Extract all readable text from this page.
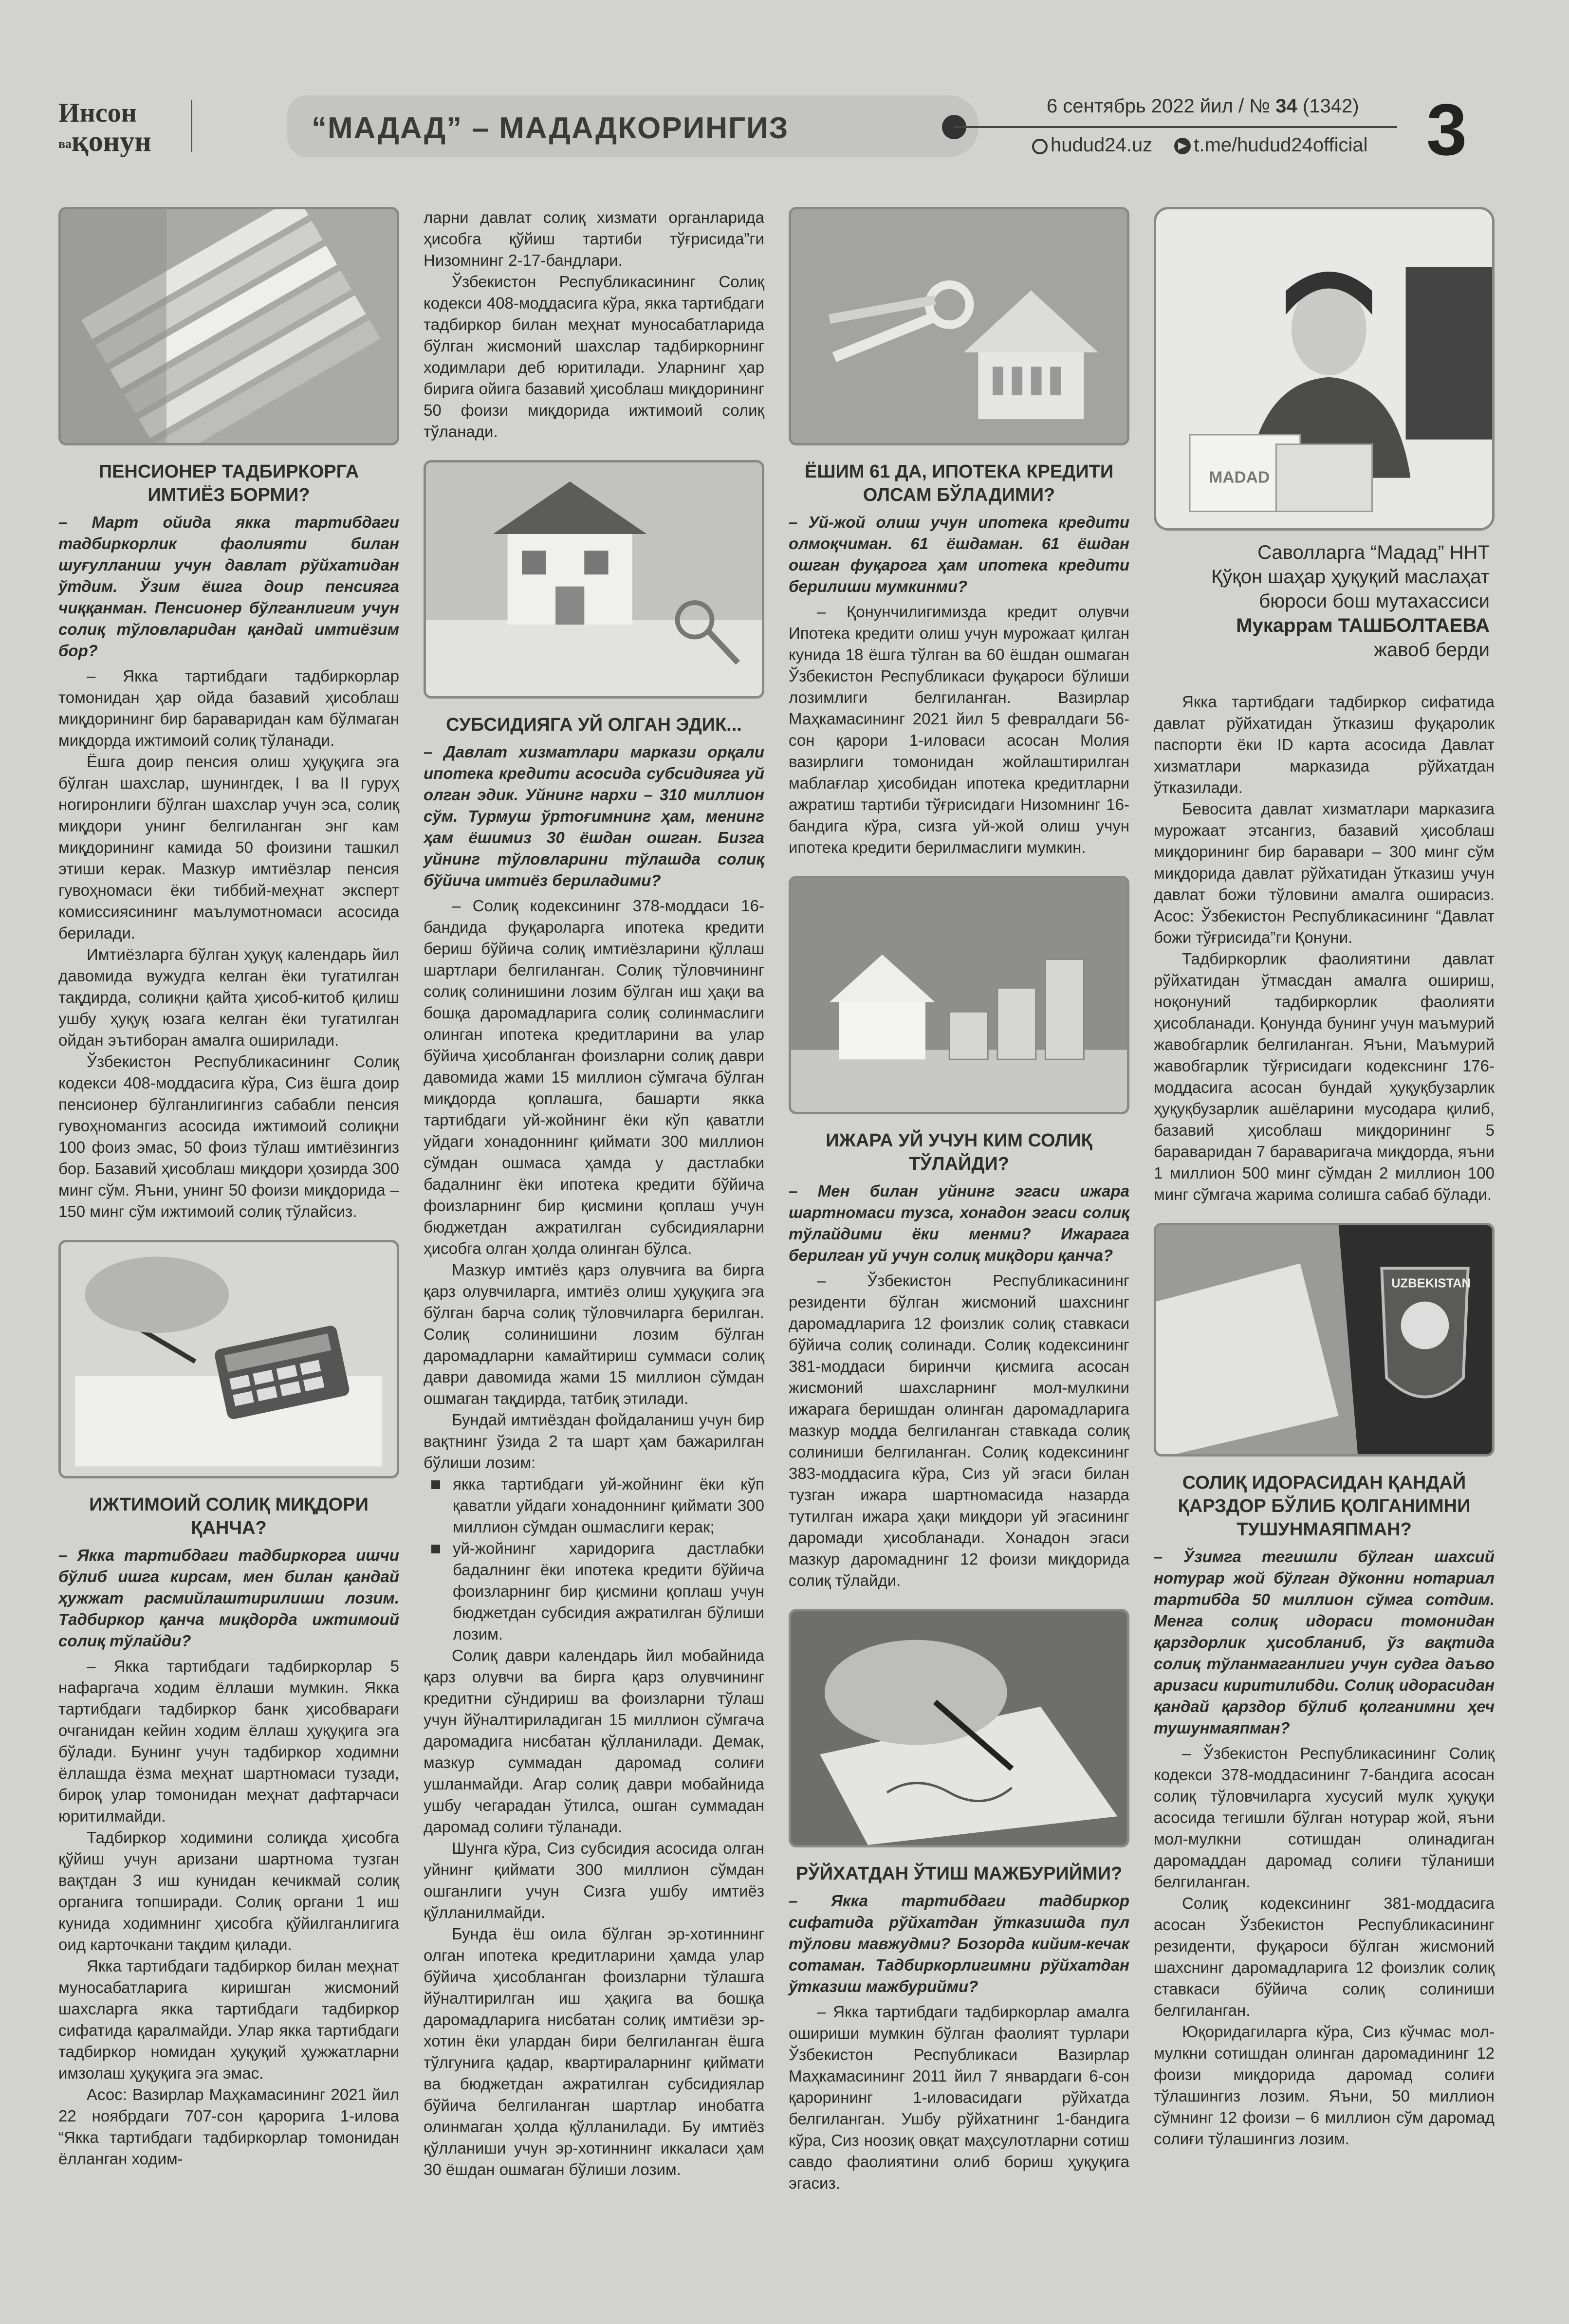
Инсон
вақонун	“МАДАД” – МАДАДКОРИНГИЗ
6 сентябрь 2022 йил / № 34 (1342)
hudud24.uz t.me/hudud24official 3
ПЕНСИОНЕР ТАДБИРКОРГА ИМТИЁЗ БОРМИ?

– Март ойида якка тартибдаги тадбиркорлик фаолияти билан шуғулланиш учун давлат рўйхатидан ўтдим. Ўзим ёшга доир пенсияга чиққанман. Пенсионер бўлганлигим учун солиқ тўловларидан қандай имтиёзим бор?

– Якка тартибдаги тадбиркорлар томонидан ҳар ойда базавий ҳисоблаш миқдорининг бир бараваридан кам бўлмаган миқдорда ижтимоий солиқ тўланади.

Ёшга доир пенсия олиш ҳуқуқига эга бўлган шахслар, шунингдек, I ва II гуруҳ ногиронлиги бўлган шахслар учун эса, солиқ миқдори унинг белгиланган энг кам миқдорининг камида 50 фоизини ташкил этиши керак. Мазкур имтиёзлар пенсия гувоҳномаси ёки тиббий-меҳнат эксперт комиссиясининг маълумотномаси асосида берилади.

Имтиёзларга бўлган ҳуқуқ календарь йил давомида вужудга келган ёки тугатилган тақдирда, солиқни қайта ҳисоб-китоб қилиш ушбу ҳуқуқ юзага келган ёки тугатилган ойдан эътиборан амалга оширилади.

Ўзбекистон Республикасининг Солиқ кодекси 408-моддасига кўра, Сиз ёшга доир пенсионер бўлганлигингиз сабабли пенсия гувоҳномангиз асосида ижтимоий солиқни 100 фоиз эмас, 50 фоиз тўлаш имтиёзингиз бор. Базавий ҳисоблаш миқдори ҳозирда 300 минг сўм. Яъни, унинг 50 фоизи миқдорида – 150 минг сўм ижтимоий солиқ тўлайсиз.

ИЖТИМОИЙ СОЛИҚ МИҚДОРИ ҚАНЧА?

– Якка тартибдаги тадбиркорга ишчи бўлиб ишга кирсам, мен билан қандай ҳужжат расмийлаштирилиши лозим. Тадбиркор қанча миқдорда ижтимоий солиқ тўлайди?

– Якка тартибдаги тадбиркорлар 5 нафаргача ходим ёллаши мумкин. Якка тартибдаги тадбиркор банк ҳисобварағи очганидан кейин ходим ёллаш ҳуқуқига эга бўлади. Бунинг учун тадбиркор ходимни ёллашда ёзма меҳнат шартномаси тузади, бироқ улар томонидан меҳнат дафтарчаси юритилмайди.

Тадбиркор ходимини солиқда ҳисобга қўйиш учун аризани шартнома тузган вақтдан 3 иш кунидан кечикмай солиқ органига топширади. Солиқ органи 1 иш кунида ходимнинг ҳисобга қўйилганлигига оид карточкани тақдим қилади.

Якка тартибдаги тадбиркор билан меҳнат муносабатларига киришган жисмоний шахсларга якка тартибдаги тадбиркор сифатида қаралмайди. Улар якка тартибдаги тадбиркор номидан ҳуқуқий ҳужжатларни имзолаш ҳуқуқига эга эмас.

Асос: Вазирлар Маҳкамасининг 2021 йил 22 ноябрдаги 707-сон қарорига 1-илова “Якка тартибдаги тадбиркорлар томонидан ёлланган ходим-

ларни давлат солиқ хизмати органларида ҳисобга қўйиш тартиби тўғрисида”ги Низомнинг 2-17-бандлари.

Ўзбекистон Республикасининг Солиқ кодекси 408-моддасига кўра, якка тартибдаги тадбиркор билан меҳнат муносабатларида бўлган жисмоний шахслар тадбиркорнинг ходимлари деб юритилади. Уларнинг ҳар бирига ойига базавий ҳисоблаш миқдорининг 50 фоизи миқдорида ижтимоий солиқ тўланади.

СУБСИДИЯГА УЙ ОЛГАН ЭДИК...

– Давлат хизматлари маркази орқали ипотека кредити асосида субсидияга уй олган эдик. Уйнинг нархи – 310 миллион сўм. Турмуш ўртоғимнинг ҳам, менинг ҳам ёшимиз 30 ёшдан ошган. Бизга уйнинг тўловларини тўлашда солиқ бўйича имтиёз бериладими?

– Солиқ кодексининг 378-моддаси 16-бандида фуқароларга ипотека кредити бериш бўйича солиқ имтиёзларини қўллаш шартлари белгиланган. Солиқ тўловчининг солиқ солинишини лозим бўлган иш ҳақи ва бошқа даромадларига солиқ солинмаслиги олинган ипотека кредитларини ва улар бўйича ҳисобланган фоизларни солиқ даври давомида жами 15 миллион сўмгача бўлган миқдорда қоплашга, башарти якка тартибдаги уй-жойнинг ёки кўп қаватли уйдаги хонадоннинг қиймати 300 миллион сўмдан ошмаса ҳамда у дастлабки бадалнинг ёки ипотека кредити бўйича фоизларнинг бир қисмини қоплаш учун бюджетдан ажратилган субсидияларни ҳисобга олган ҳолда олинган бўлса.

Мазкур имтиёз қарз олувчига ва бирга қарз олувчиларга, имтиёз олиш ҳуқуқига эга бўлган барча солиқ тўловчиларга берилган. Солиқ солинишини лозим бўлган даромадларни камайтириш суммаси солиқ даври давомида жами 15 миллион сўмдан ошмаган тақдирда, татбиқ этилади.

Бундай имтиёздан фойдаланиш учун бир вақтнинг ўзида 2 та шарт ҳам бажарилган бўлиши лозим:

якка тартибдаги уй-жойнинг ёки кўп қаватли уйдаги хонадоннинг қиймати 300 миллион сўмдан ошмаслиги керак;
уй-жойнинг харидорига дастлабки бадалнинг ёки ипотека кредити бўйича фоизларнинг бир қисмини қоплаш учун бюджетдан субсидия ажратилган бўлиши лозим.

Солиқ даври календарь йил мобайнида қарз олувчи ва бирга қарз олувчининг кредитни сўндириш ва фоизларни тўлаш учун йўналтириладиган 15 миллион сўмгача даромадига нисбатан қўлланилади. Демак, мазкур суммадан даромад солиғи ушланмайди. Агар солиқ даври мобайнида ушбу чегарадан ўтилса, ошган суммадан даромад солиғи тўланади.

Шунга кўра, Сиз субсидия асосида олган уйнинг қиймати 300 миллион сўмдан ошганлиги учун Сизга ушбу имтиёз қўлланилмайди.

Бунда ёш оила бўлган эр-хотиннинг олган ипотека кредитларини ҳамда улар бўйича ҳисобланган фоизларни тўлашга йўналтирилган иш ҳақига ва бошқа даромадларига нисбатан солиқ имтиёзи эр-хотин ёки улардан бири белгиланган ёшга тўлгунига қадар, квартираларнинг қиймати ва бюджетдан ажратилган субсидиялар бўйича белгиланган шартлар инобатга олинмаган ҳолда қўлланилади. Бу имтиёз қўлланиши учун эр-хотиннинг иккаласи ҳам 30 ёшдан ошмаган бўлиши лозим.

ЁШИМ 61 ДА, ИПОТЕКА КРЕДИТИ ОЛСАМ БЎЛАДИМИ?

– Уй-жой олиш учун ипотека кредити олмоқчиман. 61 ёшдаман. 61 ёшдан ошган фуқарога ҳам ипотека кредити берилиши мумкинми?

– Қонунчилигимизда кредит олувчи Ипотека кредити олиш учун мурожаат қилган кунида 18 ёшга тўлган ва 60 ёшдан ошмаган Ўзбекистон Республикаси фуқароси бўлиши лозимлиги белгиланган. Вазирлар Маҳкамасининг 2021 йил 5 февралдаги 56-сон қарори 1-иловаси асосан Молия вазирлиги томонидан жойлаштирилган маблағлар ҳисобидан ипотека кредитларни ажратиш тартиби тўғрисидаги Низомнинг 16-бандига кўра, сизга уй-жой олиш учун ипотека кредити берилмаслиги мумкин.

ИЖАРА УЙ УЧУН КИМ СОЛИҚ ТЎЛАЙДИ?

– Мен билан уйнинг эгаси ижара шартномаси тузса, хонадон эгаси солиқ тўлайдими ёки менми? Ижарага берилган уй учун солиқ миқдори қанча?

– Ўзбекистон Республикасининг резиденти бўлган жисмоний шахснинг даромадларига 12 фоизлик солиқ ставкаси бўйича солиқ солинади. Солиқ кодексининг 381-моддаси биринчи қисмига асосан жисмоний шахсларнинг мол-мулкини ижарага беришдан олинган даромадларига мазкур модда белгиланган ставкада солиқ солиниши белгиланган. Солиқ кодексининг 383-моддасига кўра, Сиз уй эгаси билан тузган ижара шартномасида назарда тутилган ижара ҳақи миқдори уй эгасининг даромади ҳисобланади. Хонадон эгаси мазкур даромаднинг 12 фоизи миқдорида солиқ тўлайди.

РЎЙХАТДАН ЎТИШ МАЖБУРИЙМИ?

– Якка тартибдаги тадбиркор сифатида рўйхатдан ўтказишда пул тўлови мавжудми? Бозорда кийим-кечак сотаман. Тадбиркорлигимни рўйхатдан ўтказиш мажбурийми?

– Якка тартибдаги тадбиркорлар амалга ошириши мумкин бўлган фаолият турлари Ўзбекистон Республикаси Вазирлар Маҳкамасининг 2011 йил 7 январдаги 6-сон қарорининг 1-иловасидаги рўйхатда белгиланган. Ушбу рўйхатнинг 1-бандига кўра, Сиз ноозиқ овқат маҳсулотларни сотиш савдо фаолиятини олиб бориш ҳуқуқига эгасиз.

MADAD
Саволларга “Мадад” ННТ
Қўқон шаҳар ҳуқуқий маслаҳат
бюроси бош мутахассиси
Мукаррам ТАШБОЛТАЕВА
жавоб берди

Якка тартибдаги тадбиркор сифатида давлат рўйхатидан ўтказиш фуқаролик паспорти ёки ID карта асосида Давлат хизматлари марказида рўйхатдан ўтказилади.

Бевосита давлат хизматлари марказига мурожаат этсангиз, базавий ҳисоблаш миқдорининг бир баравари – 300 минг сўм миқдорида давлат рўйхатидан ўтказиш учун давлат божи тўловини амалга оширасиз. Асос: Ўзбекистон Республикасининг “Давлат божи тўғрисида”ги Қонуни.

Тадбиркорлик фаолиятини давлат рўйхатидан ўтмасдан амалга ошириш, ноқонуний тадбиркорлик фаолияти ҳисобланади. Қонунда бунинг учун маъмурий жавобгарлик белгиланган. Яъни, Маъмурий жавобгарлик тўғрисидаги кодекснинг 176-моддасига асосан бундай ҳуқуқбузарлик ҳуқуқбузарлик ашёларини мусодара қилиб, базавий ҳисоблаш миқдорининг 5 бараваридан 7 бараваригача миқдорда, яъни 1 миллион 500 минг сўмдан 2 миллион 100 минг сўмгача жарима солишга сабаб бўлади.

UZBEKISTAN
СОЛИҚ ИДОРАСИДАН ҚАНДАЙ ҚАРЗДОР БЎЛИБ ҚОЛГАНИМНИ ТУШУНМАЯПМАН?

– Ўзимга тегишли бўлган шахсий нотурар жой бўлган дўконни нотариал тартибда 50 миллион сўмга сотдим. Менга солиқ идораси томонидан қарздорлик ҳисобланиб, ўз вақтида солиқ тўланмаганлиги учун судга даъво аризаси киритилибди. Солиқ идорасидан қандай қарздор бўлиб қолганимни ҳеч тушунмаяпман?

– Ўзбекистон Республикасининг Солиқ кодекси 378-моддасининг 7-бандига асосан солиқ тўловчиларга хусусий мулк ҳуқуқи асосида тегишли бўлган нотурар жой, яъни мол-мулкни сотишдан олинадиган даромаддан даромад солиғи тўланиши белгиланган.

Солиқ кодексининг 381-моддасига асосан Ўзбекистон Республикасининг резиденти, фуқароси бўлган жисмоний шахснинг даромадларига 12 фоизлик солиқ ставкаси бўйича солиқ солиниши белгиланган.

Юқоридагиларга кўра, Сиз кўчмас мол-мулкни сотишдан олинган даромадининг 12 фоизи миқдорида даромад солиғи тўлашингиз лозим. Яъни, 50 миллион сўмнинг 12 фоизи – 6 миллион сўм даромад солиғи тўлашингиз лозим.
